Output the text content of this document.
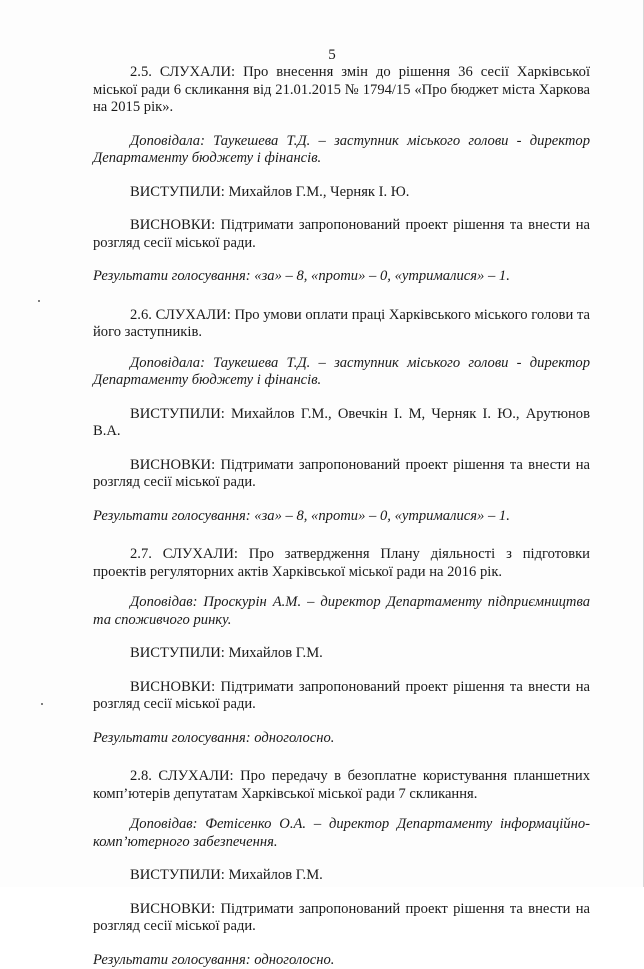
5

2.5. СЛУХАЛИ: Про внесення змін до рішення 36 сесії Харківської міської ради 6 скликання від 21.01.2015 № 1794/15 «Про бюджет міста Харкова на 2015 рік».

Доповідала: Таукешева Т.Д. – заступник міського голови - директор Департаменту бюджету і фінансів.

ВИСТУПИЛИ: Михайлов Г.М., Черняк І. Ю.

ВИСНОВКИ: Підтримати запропонований проект рішення та внести на розгляд сесії міської ради.

Результати голосування: «за» – 8, «проти» – 0, «утрималися» – 1.

2.6. СЛУХАЛИ: Про умови оплати праці Харківського міського голови та його заступників.

Доповідала: Таукешева Т.Д. – заступник міського голови - директор Департаменту бюджету і фінансів.

ВИСТУПИЛИ: Михайлов Г.М., Овечкін І. М, Черняк І. Ю., Арутюнов В.А.

ВИСНОВКИ: Підтримати запропонований проект рішення та внести на розгляд сесії міської ради.

Результати голосування: «за» – 8, «проти» – 0, «утрималися» – 1.

2.7. СЛУХАЛИ: Про затвердження Плану діяльності з підготовки проектів регуляторних актів Харківської міської ради на 2016 рік.

Доповідав: Проскурін А.М. – директор Департаменту підприємництва та споживчого ринку.

ВИСТУПИЛИ: Михайлов Г.М.

ВИСНОВКИ: Підтримати запропонований проект рішення та внести на розгляд сесії міської ради.

Результати голосування: одноголосно.

2.8. СЛУХАЛИ: Про передачу в безоплатне користування планшетних комп’ютерів депутатам Харківської міської ради 7 скликання.

Доповідав: Фетісенко О.А. – директор Департаменту інформаційно-комп’ютерного забезпечення.

ВИСТУПИЛИ: Михайлов Г.М.

ВИСНОВКИ: Підтримати запропонований проект рішення та внести на розгляд сесії міської ради.

Результати голосування: одноголосно.
